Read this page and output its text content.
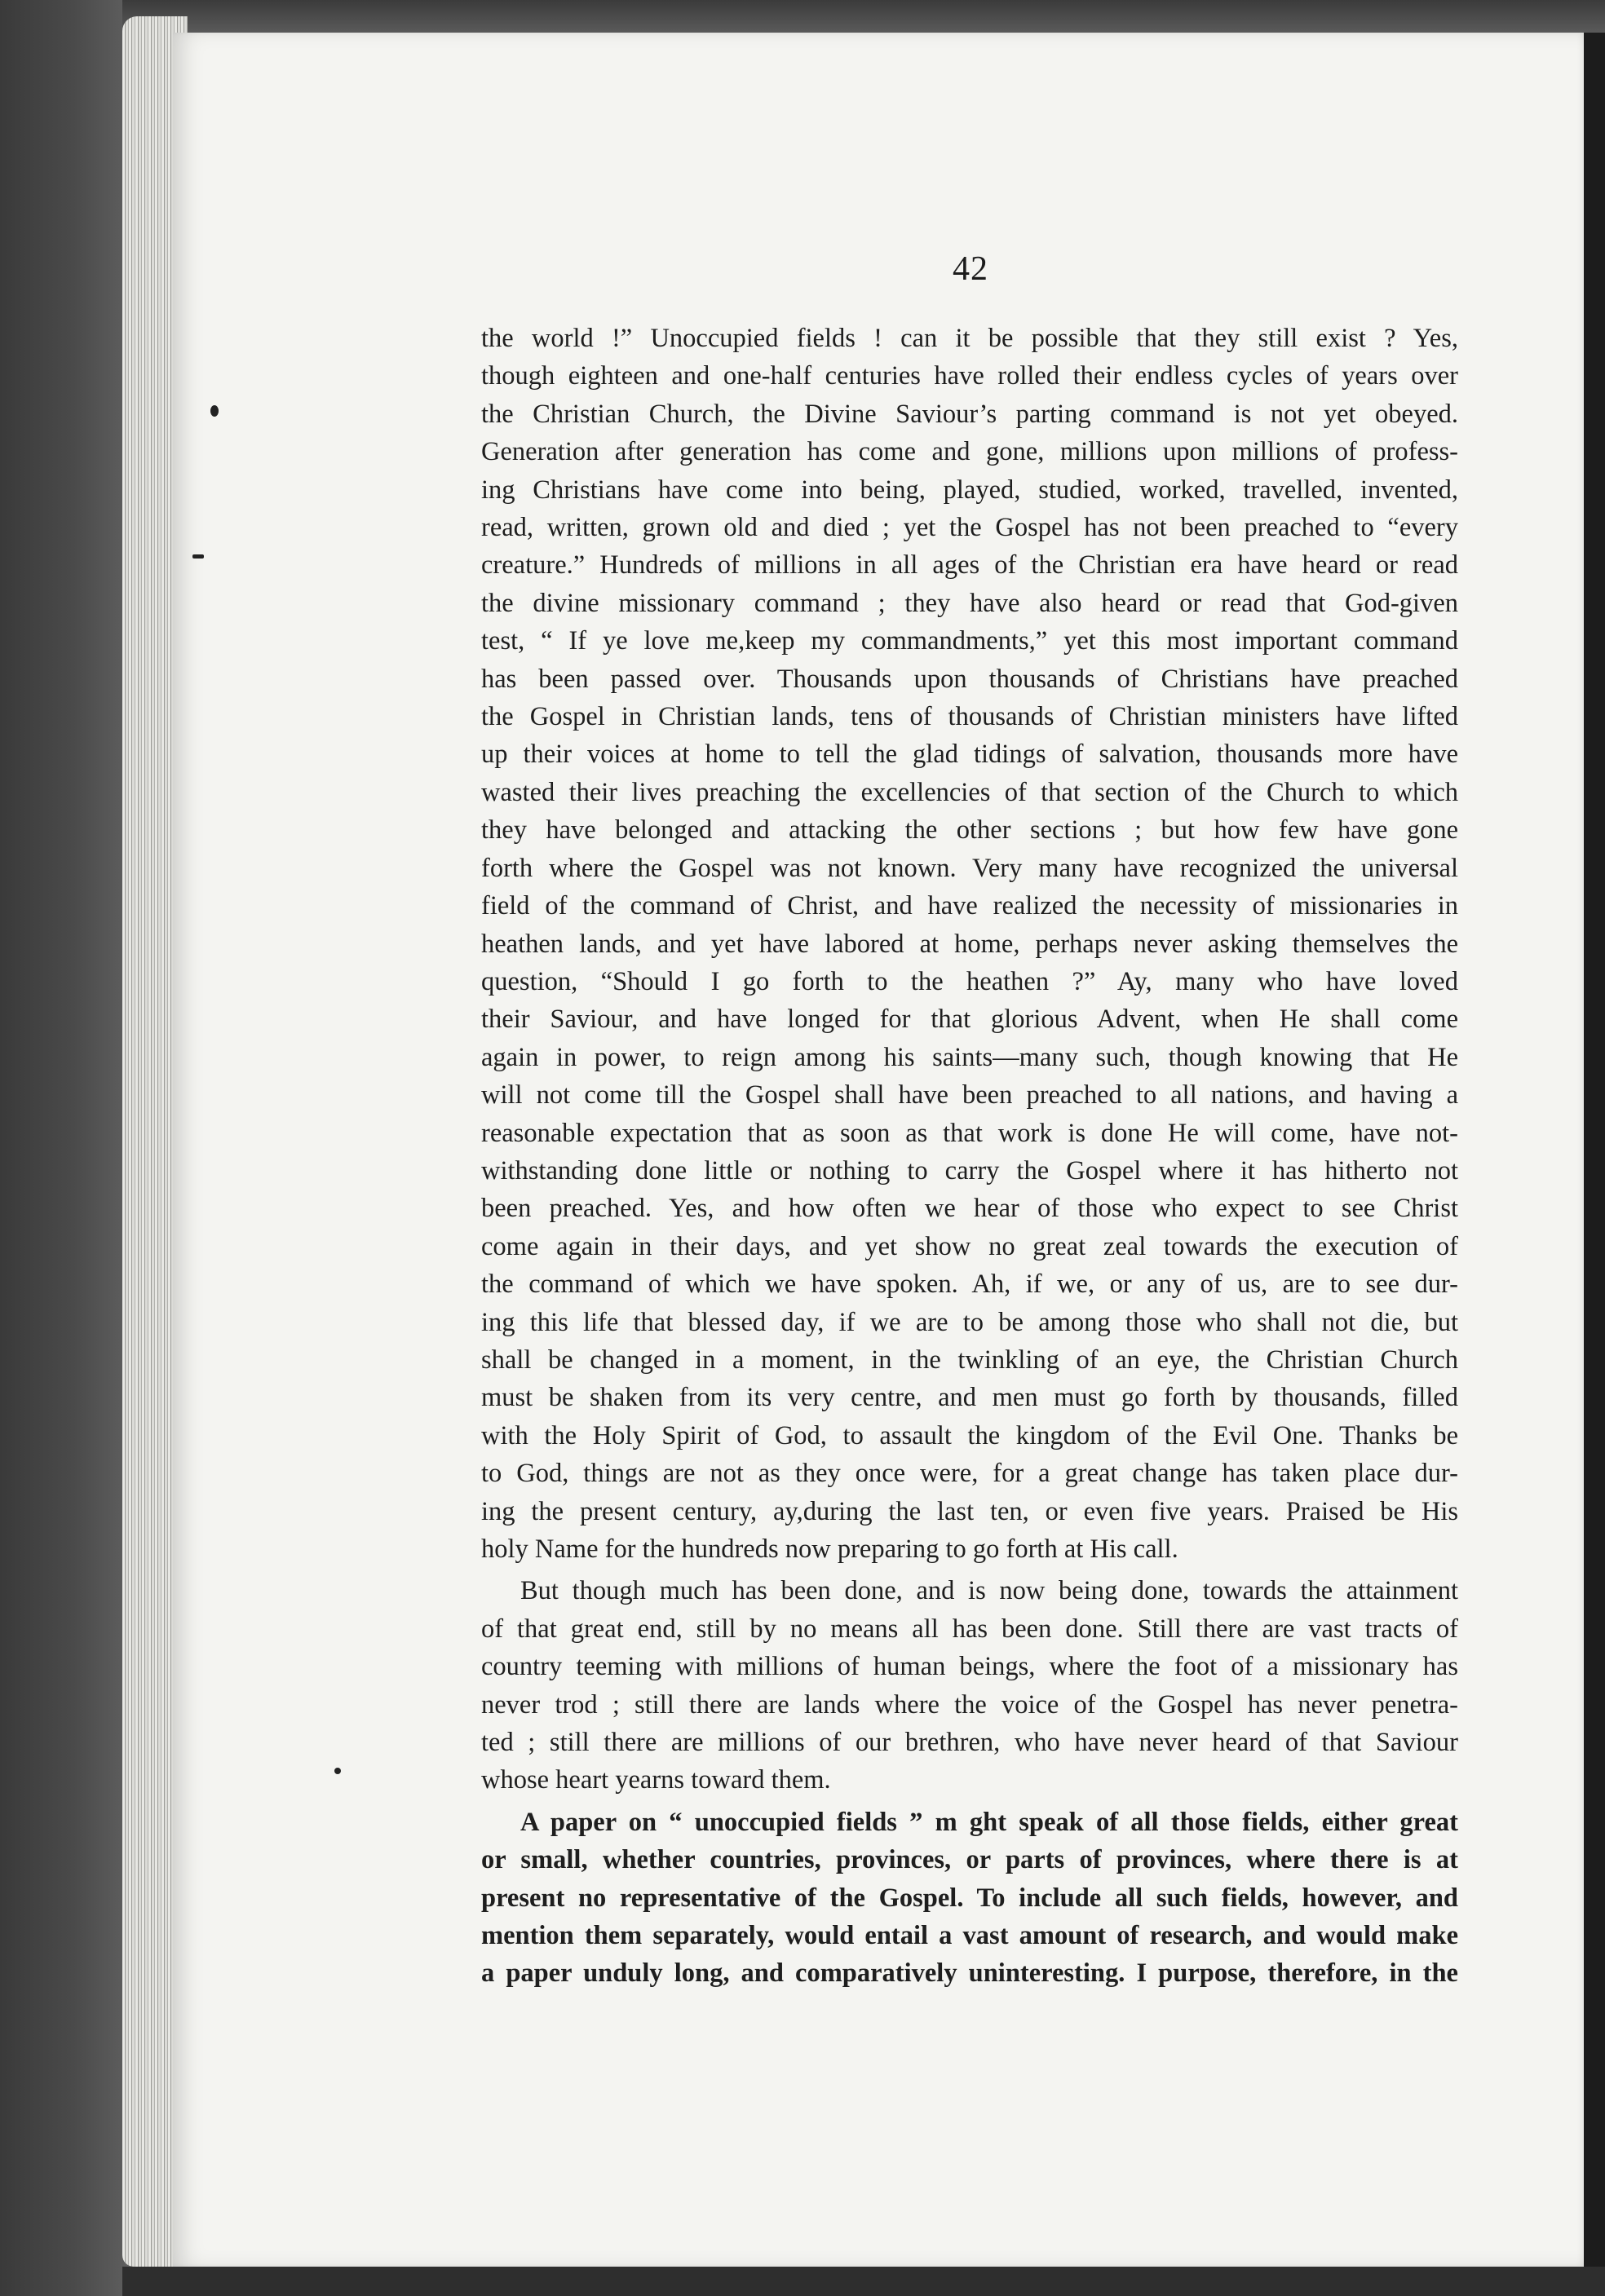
42

the world !” Unoccupied fields ! can it be possible that they still exist ? Yes,
though eighteen and one-half centuries have rolled their endless cycles of years over
the Christian Church, the Divine Saviour’s parting command is not yet obeyed.
Generation after generation has come and gone, millions upon millions of profess-
ing Christians have come into being, played, studied, worked, travelled, invented,
read, written, grown old and died ; yet the Gospel has not been preached to “every
creature.” Hundreds of millions in all ages of the Christian era have heard or read
the divine missionary command ; they have also heard or read that God-given
test, “ If ye love me,keep my commandments,” yet this most important command
has been passed over. Thousands upon thousands of Christians have preached
the Gospel in Christian lands, tens of thousands of Christian ministers have lifted
up their voices at home to tell the glad tidings of salvation, thousands more have
wasted their lives preaching the excellencies of that section of the Church to which
they have belonged and attacking the other sections ; but how few have gone
forth where the Gospel was not known. Very many have recognized the universal
field of the command of Christ, and have realized the necessity of missionaries in
heathen lands, and yet have labored at home, perhaps never asking themselves the
question, “Should I go forth to the heathen ?” Ay, many who have loved
their Saviour, and have longed for that glorious Advent, when He shall come
again in power, to reign among his saints—many such, though knowing that He
will not come till the Gospel shall have been preached to all nations, and having a
reasonable expectation that as soon as that work is done He will come, have not-
withstanding done little or nothing to carry the Gospel where it has hitherto not
been preached. Yes, and how often we hear of those who expect to see Christ
come again in their days, and yet show no great zeal towards the execution of
the command of which we have spoken. Ah, if we, or any of us, are to see dur-
ing this life that blessed day, if we are to be among those who shall not die, but
shall be changed in a moment, in the twinkling of an eye, the Christian Church
must be shaken from its very centre, and men must go forth by thousands, filled
with the Holy Spirit of God, to assault the kingdom of the Evil One. Thanks be
to God, things are not as they once were, for a great change has taken place dur-
ing the present century, ay,during the last ten, or even five years. Praised be His
holy Name for the hundreds now preparing to go forth at His call.

But though much has been done, and is now being done, towards the attainment
of that great end, still by no means all has been done. Still there are vast tracts of
country teeming with millions of human beings, where the foot of a missionary has
never trod ; still there are lands where the voice of the Gospel has never penetra-
ted ; still there are millions of our brethren, who have never heard of that Saviour
whose heart yearns toward them.

A paper on “ unoccupied fields ” m ght speak of all those fields, either great
or small, whether countries, provinces, or parts of provinces, where there is at
present no representative of the Gospel. To include all such fields, however, and
mention them separately, would entail a vast amount of research, and would make
a paper unduly long, and comparatively uninteresting. I purpose, therefore, in the
